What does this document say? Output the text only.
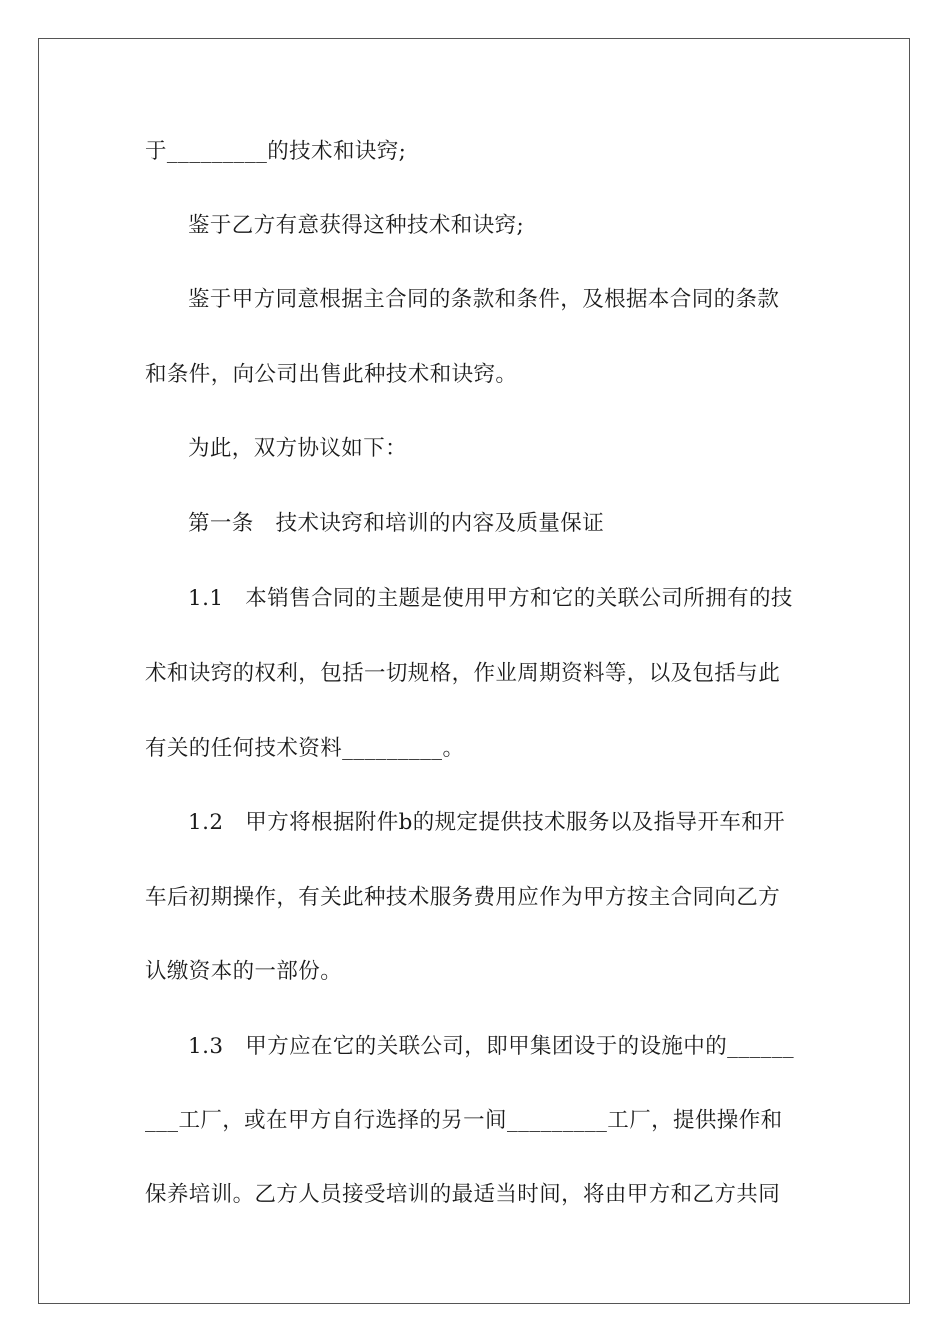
于_________的技术和诀窍;
鉴于乙方有意获得这种技术和诀窍;
鉴于甲方同意根据主合同的条款和条件，及根据本合同的条款
和条件，向公司出售此种技术和诀窍。
为此，双方协议如下：
第一条　技术诀窍和培训的内容及质量保证
1.1　本销售合同的主题是使用甲方和它的关联公司所拥有的技
术和诀窍的权利，包括一切规格，作业周期资料等，以及包括与此
有关的任何技术资料_________。
1.2　甲方将根据附件b的规定提供技术服务以及指导开车和开
车后初期操作，有关此种技术服务费用应作为甲方按主合同向乙方
认缴资本的一部份。
1.3　甲方应在它的关联公司，即甲集团设于的设施中的______
___工厂，或在甲方自行选择的另一间_________工厂，提供操作和
保养培训。乙方人员接受培训的最适当时间，将由甲方和乙方共同
